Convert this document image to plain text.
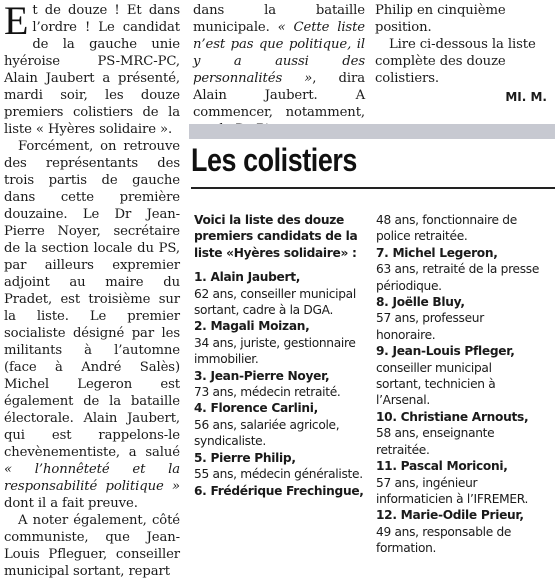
Et de douze ! Et dans l’ordre ! Le candidat de la gauche unie hyéroise PS-MRC-PC, Alain Jaubert a présenté, mardi soir, les douze premiers colistiers de la liste « Hyères solidaire ».

Forcément, on retrouve des représentants des trois partis de gauche dans cette première douzaine. Le Dr Jean-Pierre Noyer, secrétaire de la section locale du PS, par ailleurs expremier adjoint au maire du Pradet, est troisième sur la liste. Le premier socialiste désigné par les militants à l’automne (face à André Salès) Michel Legeron est également de la bataille électorale. Alain Jaubert, qui est rappelons-le chevènementiste, a salué « l’honnêteté et la responsabilité politique » dont il a fait preuve.

A noter également, côté communiste, que Jean-Louis Pfleguer, conseiller municipal sortant, repart

dans la bataille municipale. « Cette liste n’est pas que politique, il y a aussi des personnalités », dira Alain Jaubert. A commencer, notamment,

Philip en cinquième position.

Lire ci-dessous la liste complète des douze colistiers.

MI. M.
Les colistiers
Voici la liste des douze premiers candidats de la liste «Hyères solidaire» :
1. Alain Jaubert,
62 ans, conseiller municipal sortant, cadre à la DGA.
2. Magali Moizan,
34 ans, juriste, gestionnaire immobilier.
3. Jean-Pierre Noyer,
73 ans, médecin retraité.
4. Florence Carlini,
56 ans, salariée agricole, syndicaliste.
5. Pierre Philip,
55 ans, médecin généraliste.
6. Frédérique Frechingue,
48 ans, fonctionnaire de police retraitée.
7. Michel Legeron,
63 ans, retraité de la presse périodique.
8. Joëlle Bluy,
57 ans, professeur honoraire.
9. Jean-Louis Pfleger,
conseiller municipal sortant, technicien à l’Arsenal.
10. Christiane Arnouts,
58 ans, enseignante retraitée.
11. Pascal Moriconi,
57 ans, ingénieur informaticien à l’IFREMER.
12. Marie-Odile Prieur,
49 ans, responsable de formation.
